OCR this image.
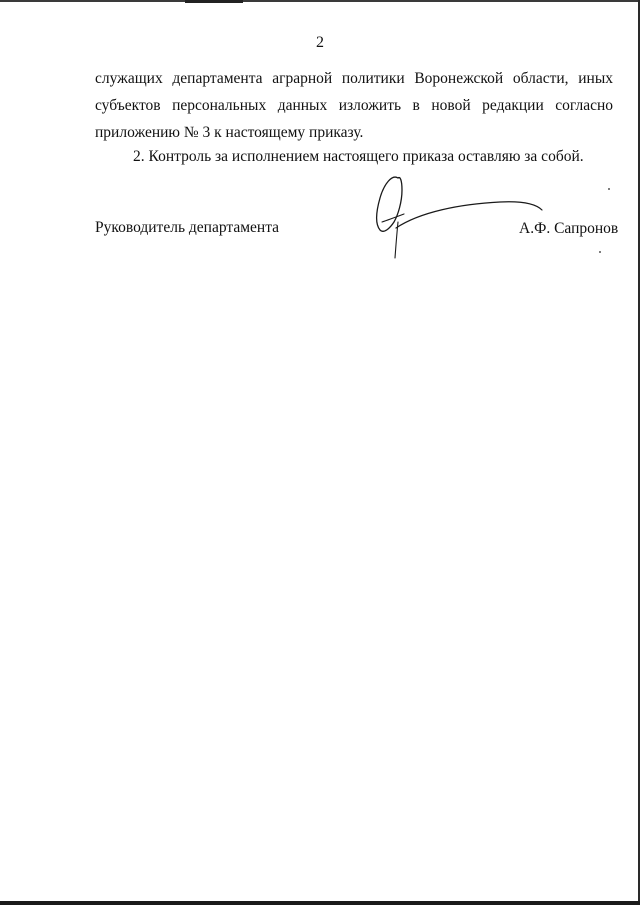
2

служащих департамента аграрной политики Воронежской области, иных
субъектов персональных данных изложить в новой редакции согласно
приложению № 3 к настоящему приказу.

2. Контроль за исполнением настоящего приказа оставляю за собой.

Руководитель департамента	А.Ф. Сапронов
